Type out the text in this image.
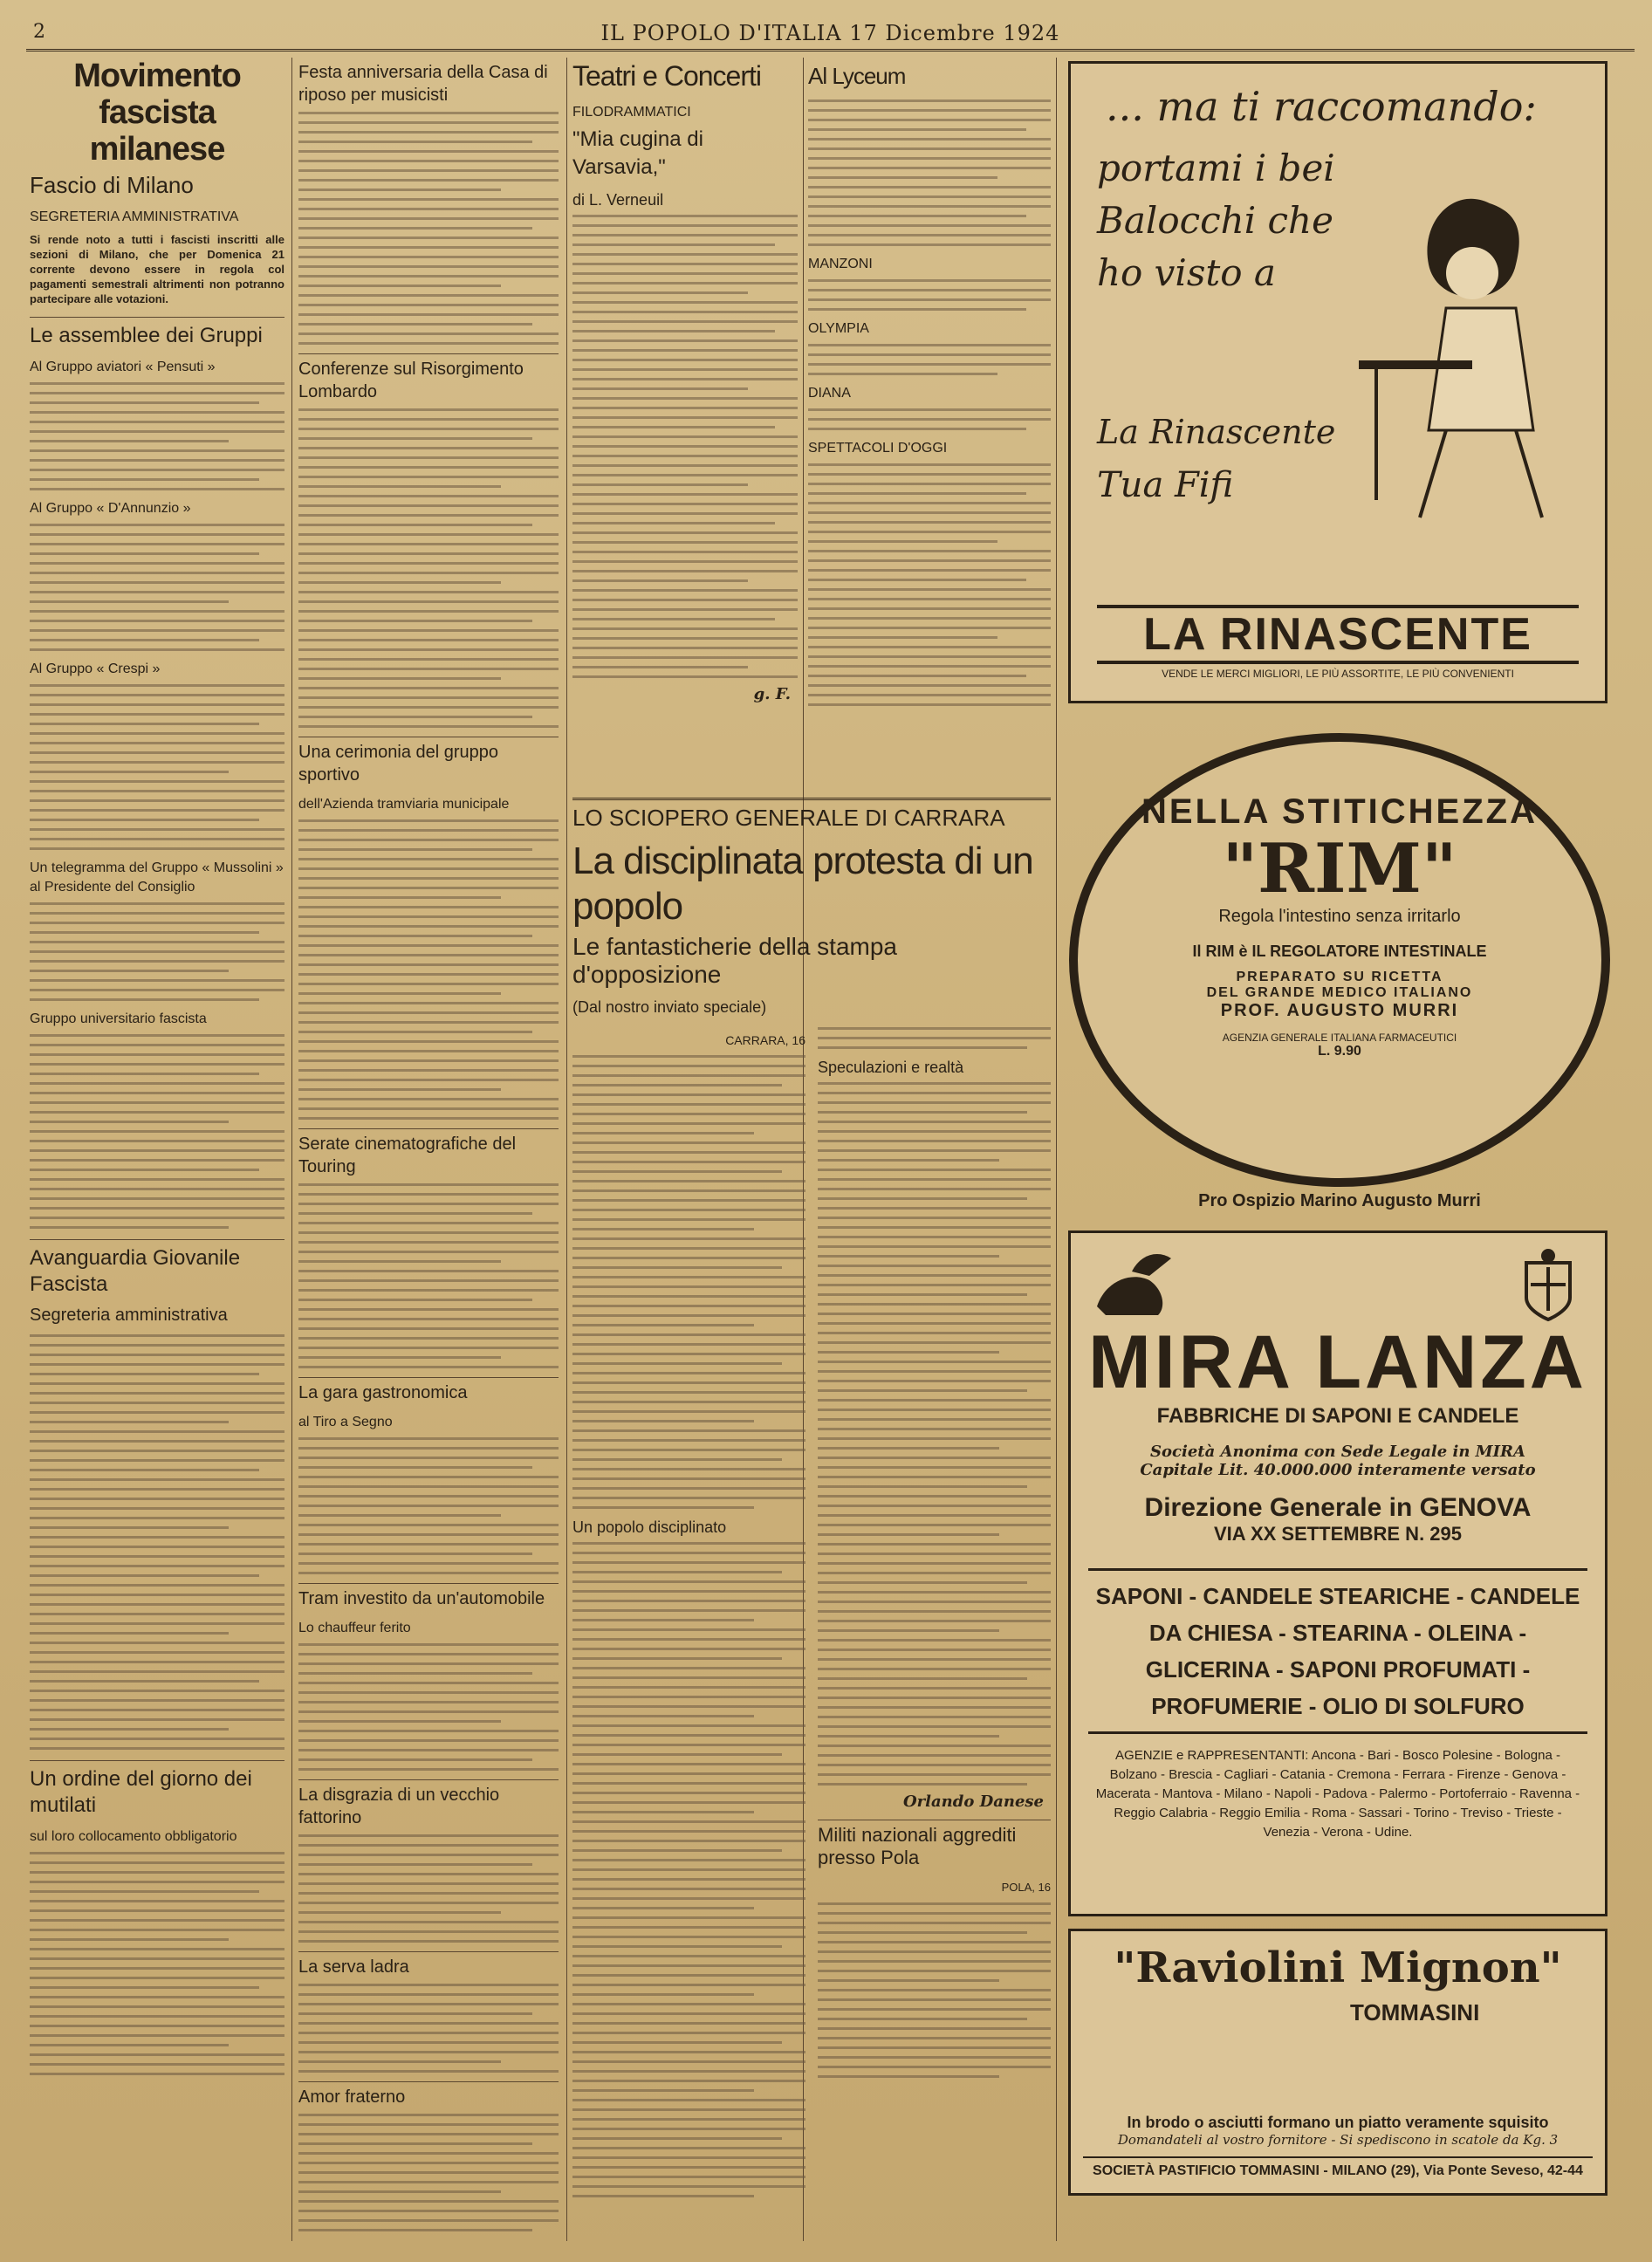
2	IL POPOLO D'ITALIA 17 Dicembre 1924
Movimento fascista milanese
Fascio di Milano
SEGRETERIA AMMINISTRATIVA
Si rende noto a tutti i fascisti inscritti alle sezioni di Milano, che per Domenica 21 corrente devono essere in regola col pagamenti semestrali altrimenti non potranno partecipare alle votazioni.
Le assemblee dei Gruppi
Al Gruppo aviatori « Pensuti »
Al Gruppo « D'Annunzio »
Al Gruppo « Crespi »
Un telegramma del Gruppo « Mussolini » al Presidente del Consiglio
Gruppo universitario fascista
Avanguardia Giovanile Fascista
Segreteria amministrativa
Un ordine del giorno dei mutilati
sul loro collocamento obbligatorio
Festa anniversaria della Casa di riposo per musicisti
Conferenze sul Risorgimento Lombardo
Una cerimonia del gruppo sportivo
dell'Azienda tramviaria municipale
Serate cinematografiche del Touring
La gara gastronomica
al Tiro a Segno
Tram investito da un'automobile
Lo chauffeur ferito
La disgrazia di un vecchio fattorino
La serva ladra
Amor fraterno
Teatri e Concerti
FILODRAMMATICI
"Mia cugina di Varsavia,"
di L. Verneuil
g. F.
Al Lyceum
MANZONI
OLYMPIA
DIANA
SPETTACOLI D'OGGI
LO SCIOPERO GENERALE DI CARRARA
La disciplinata protesta di un popolo
Le fantasticherie della stampa d'opposizione
(Dal nostro inviato speciale)
CARRARA, 16
Un popolo disciplinato
Speculazioni e realtà
Orlando Danese
Militi nazionali aggrediti presso Pola
POLA, 16
... ma ti raccomando:
portami i bei Balocchi che ho visto a
La Rinascente
Tua Fifi
LA RINASCENTE
VENDE LE MERCI MIGLIORI, LE PIÙ ASSORTITE, LE PIÙ CONVENIENTI
NELLA STITICHEZZA
"RIM"
Regola l'intestino senza irritarlo
Il RIM è IL REGOLATORE INTESTINALE
PREPARATO SU RICETTA
DEL GRANDE MEDICO ITALIANO
PROF. AUGUSTO MURRI
AGENZIA GENERALE ITALIANA FARMACEUTICI
L. 9.90
Pro Ospizio Marino Augusto Murri
MIRA LANZA
FABBRICHE DI SAPONI E CANDELE
Società Anonima con Sede Legale in MIRA
Capitale Lit. 40.000.000 interamente versato
Direzione Generale in GENOVA
VIA XX SETTEMBRE N. 295
SAPONI - CANDELE STEARICHE - CANDELE DA CHIESA - STEARINA - OLEINA - GLICERINA - SAPONI PROFUMATI - PROFUMERIE - OLIO DI SOLFURO
AGENZIE e RAPPRESENTANTI: Ancona - Bari - Bosco Polesine - Bologna - Bolzano - Brescia - Cagliari - Catania - Cremona - Ferrara - Firenze - Genova - Macerata - Mantova - Milano - Napoli - Padova - Palermo - Portoferraio - Ravenna - Reggio Calabria - Reggio Emilia - Roma - Sassari - Torino - Treviso - Trieste - Venezia - Verona - Udine.
"Raviolini Mignon"
TOMMASINI
In brodo o asciutti formano un piatto veramente squisito
Domandateli al vostro fornitore - Si spediscono in scatole da Kg. 3
SOCIETÀ PASTIFICIO TOMMASINI - MILANO (29), Via Ponte Seveso, 42-44
